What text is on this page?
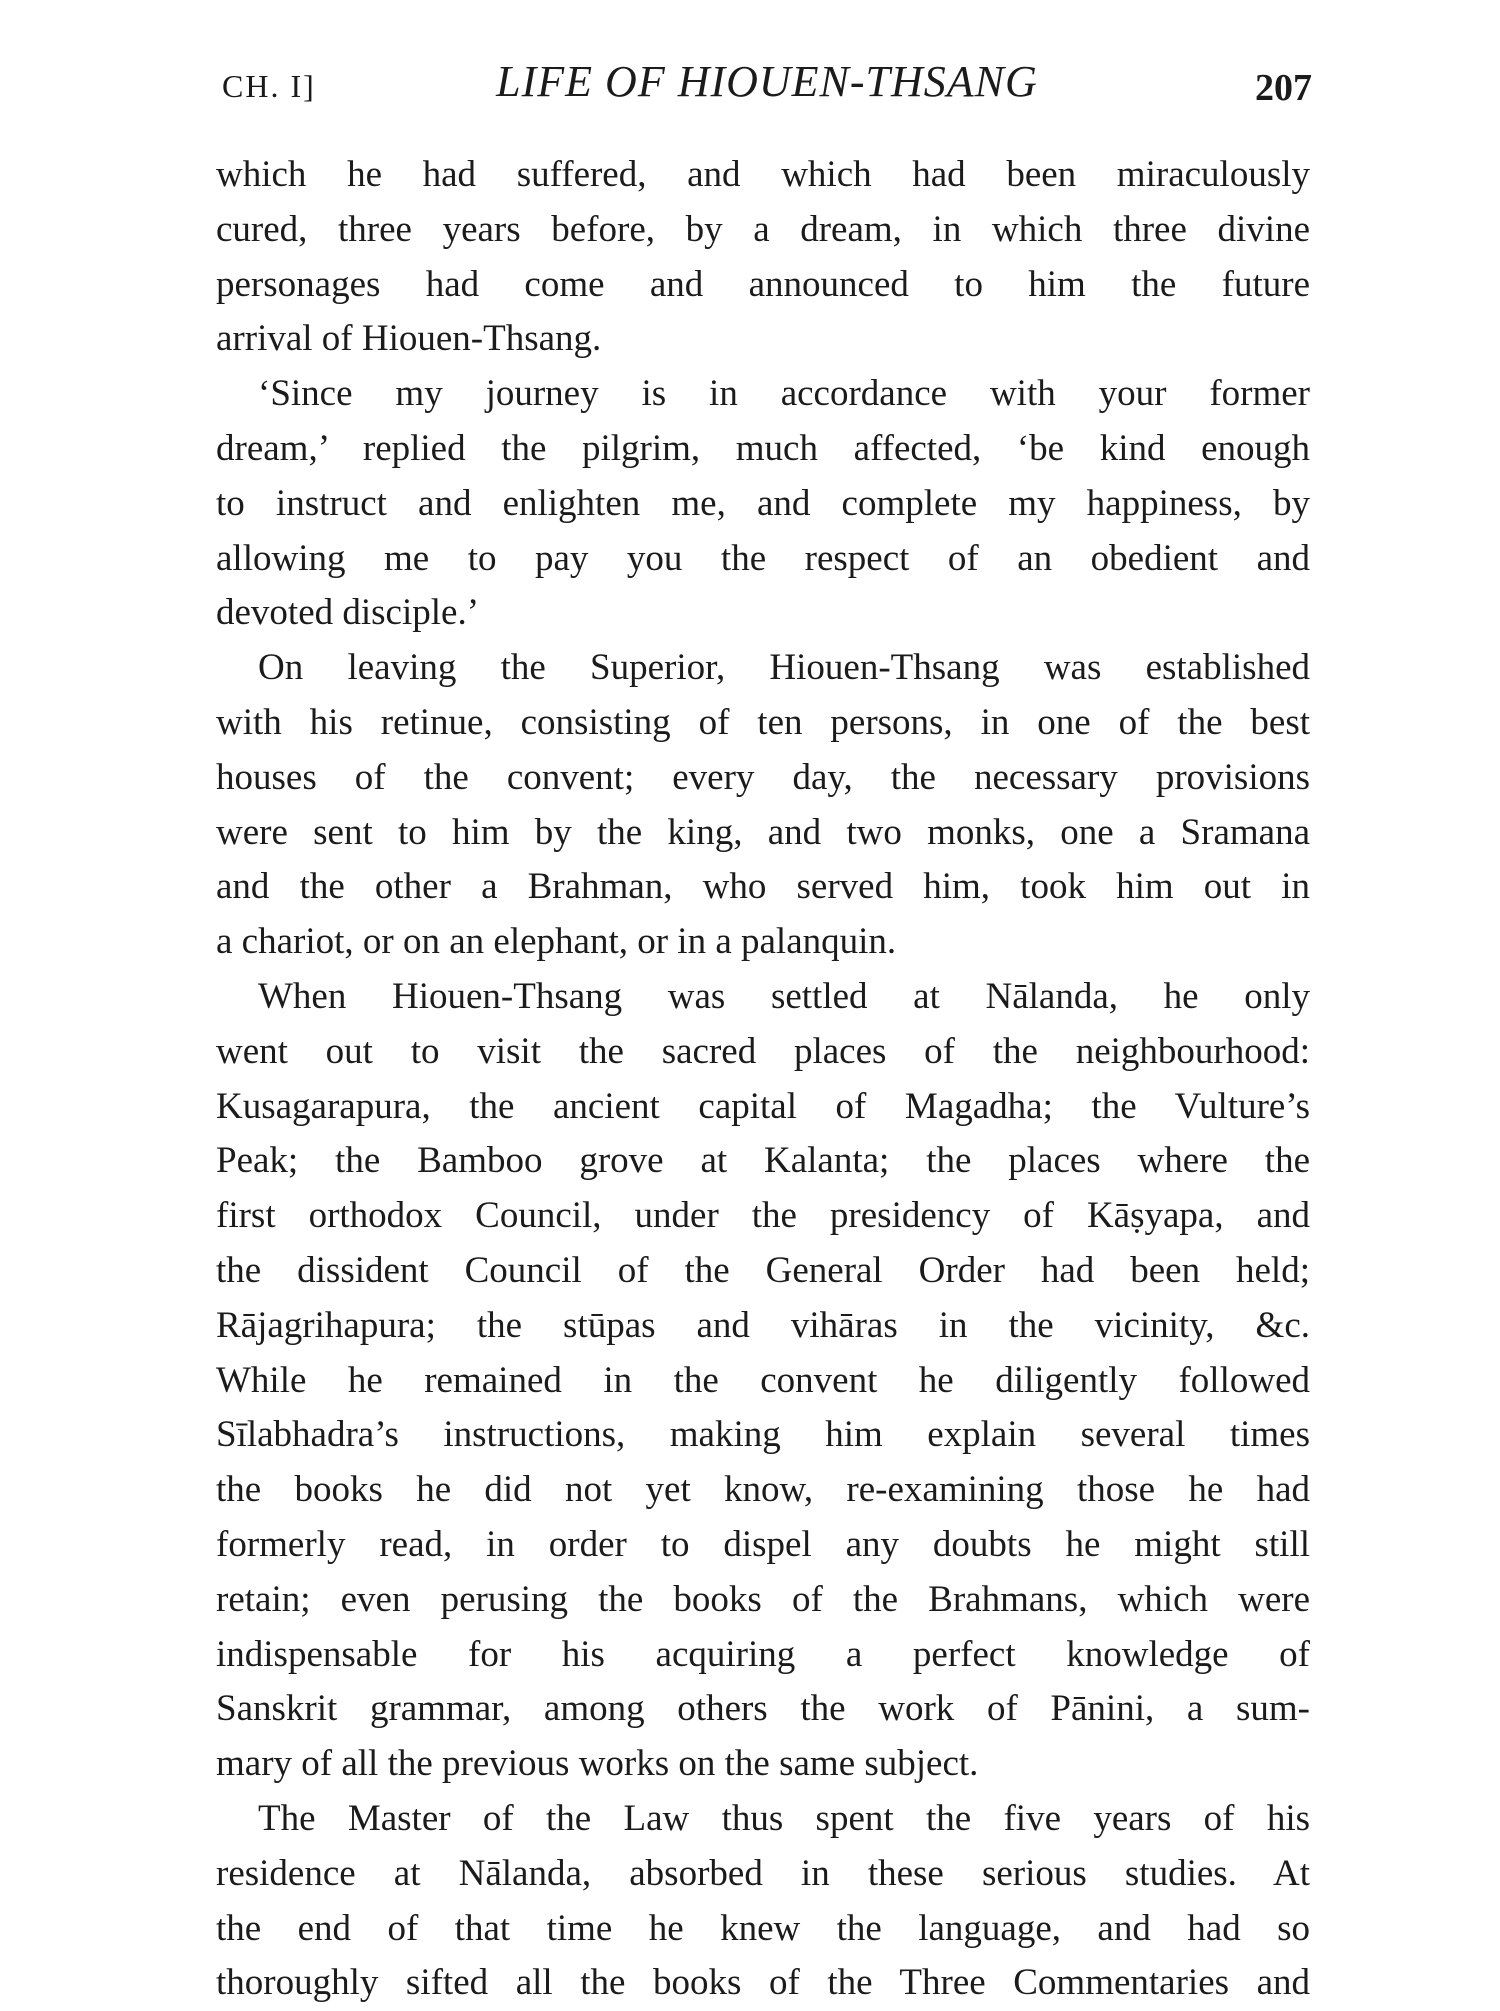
CH. I]	LIFE OF HIOUEN-THSANG	207
which he had suffered, and which had been miraculously
cured, three years before, by a dream, in which three divine
personages had come and announced to him the future
arrival of Hiouen-Thsang.
‘Since my journey is in accordance with your former
dream,’ replied the pilgrim, much affected, ‘be kind enough
to instruct and enlighten me, and complete my happiness, by
allowing me to pay you the respect of an obedient and
devoted disciple.’
On leaving the Superior, Hiouen-Thsang was established
with his retinue, consisting of ten persons, in one of the best
houses of the convent; every day, the necessary provisions
were sent to him by the king, and two monks, one a Sramana
and the other a Brahman, who served him, took him out in
a chariot, or on an elephant, or in a palanquin.
When Hiouen-Thsang was settled at Nālanda, he only
went out to visit the sacred places of the neighbourhood:
Kusagarapura, the ancient capital of Magadha; the Vulture’s
Peak; the Bamboo grove at Kalanta; the places where the
first orthodox Council, under the presidency of Kāṣyapa, and
the dissident Council of the General Order had been held;
Rājagrihapura; the stūpas and vihāras in the vicinity, &c.
While he remained in the convent he diligently followed
Sīlabhadra’s instructions, making him explain several times
the books he did not yet know, re-examining those he had
formerly read, in order to dispel any doubts he might still
retain; even perusing the books of the Brahmans, which were
indispensable for his acquiring a perfect knowledge of
Sanskrit grammar, among others the work of Pānini, a sum-
mary of all the previous works on the same subject.
The Master of the Law thus spent the five years of his
residence at Nālanda, absorbed in these serious studies. At
the end of that time he knew the language, and had so
thoroughly sifted all the books of the Three Commentaries and
